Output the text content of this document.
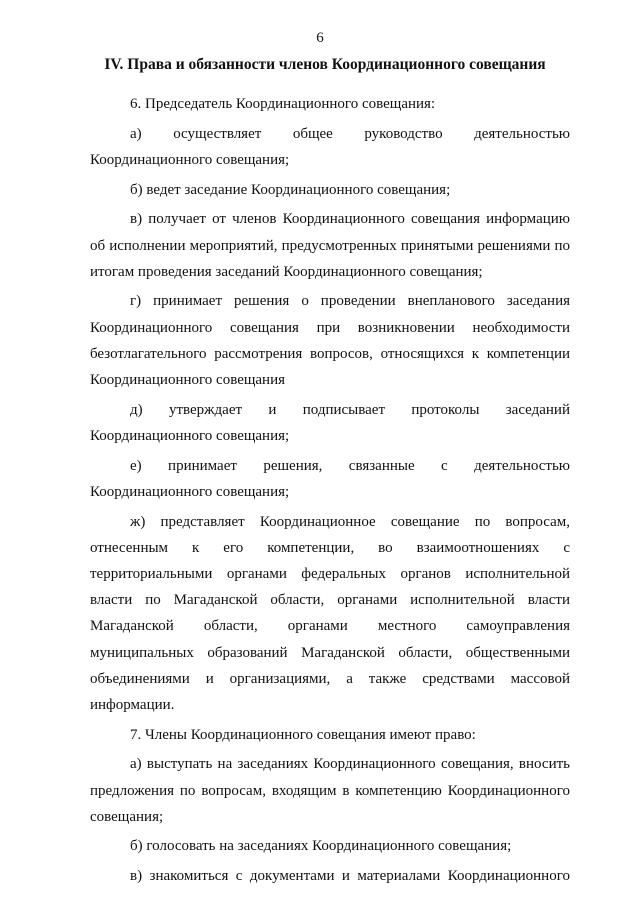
6
IV. Права и обязанности членов Координационного совещания

6. Председатель Координационного совещания:

а) осуществляет общее руководство деятельностью Координационного совещания;

б) ведет заседание Координационного совещания;

в) получает от членов Координационного совещания информацию об исполнении мероприятий, предусмотренных принятыми решениями по итогам проведения заседаний Координационного совещания;

г) принимает решения о проведении внепланового заседания Координационного совещания при возникновении необходимости безотлагательного рассмотрения вопросов, относящихся к компетенции Координационного совещания

д) утверждает и подписывает протоколы заседаний Координационного совещания;

е) принимает решения, связанные с деятельностью Координационного совещания;

ж) представляет Координационное совещание по вопросам, отнесенным к его компетенции, во взаимоотношениях с территориальными органами федеральных органов исполнительной власти по Магаданской области, органами исполнительной власти Магаданской области, органами местного самоуправления муниципальных образований Магаданской области, общественными объединениями и организациями, а также средствами массовой информации.

7. Члены Координационного совещания имеют право:

а) выступать на заседаниях Координационного совещания, вносить предложения по вопросам, входящим в компетенцию Координационного совещания;

б) голосовать на заседаниях Координационного совещания;

в) знакомиться с документами и материалами Координационного
